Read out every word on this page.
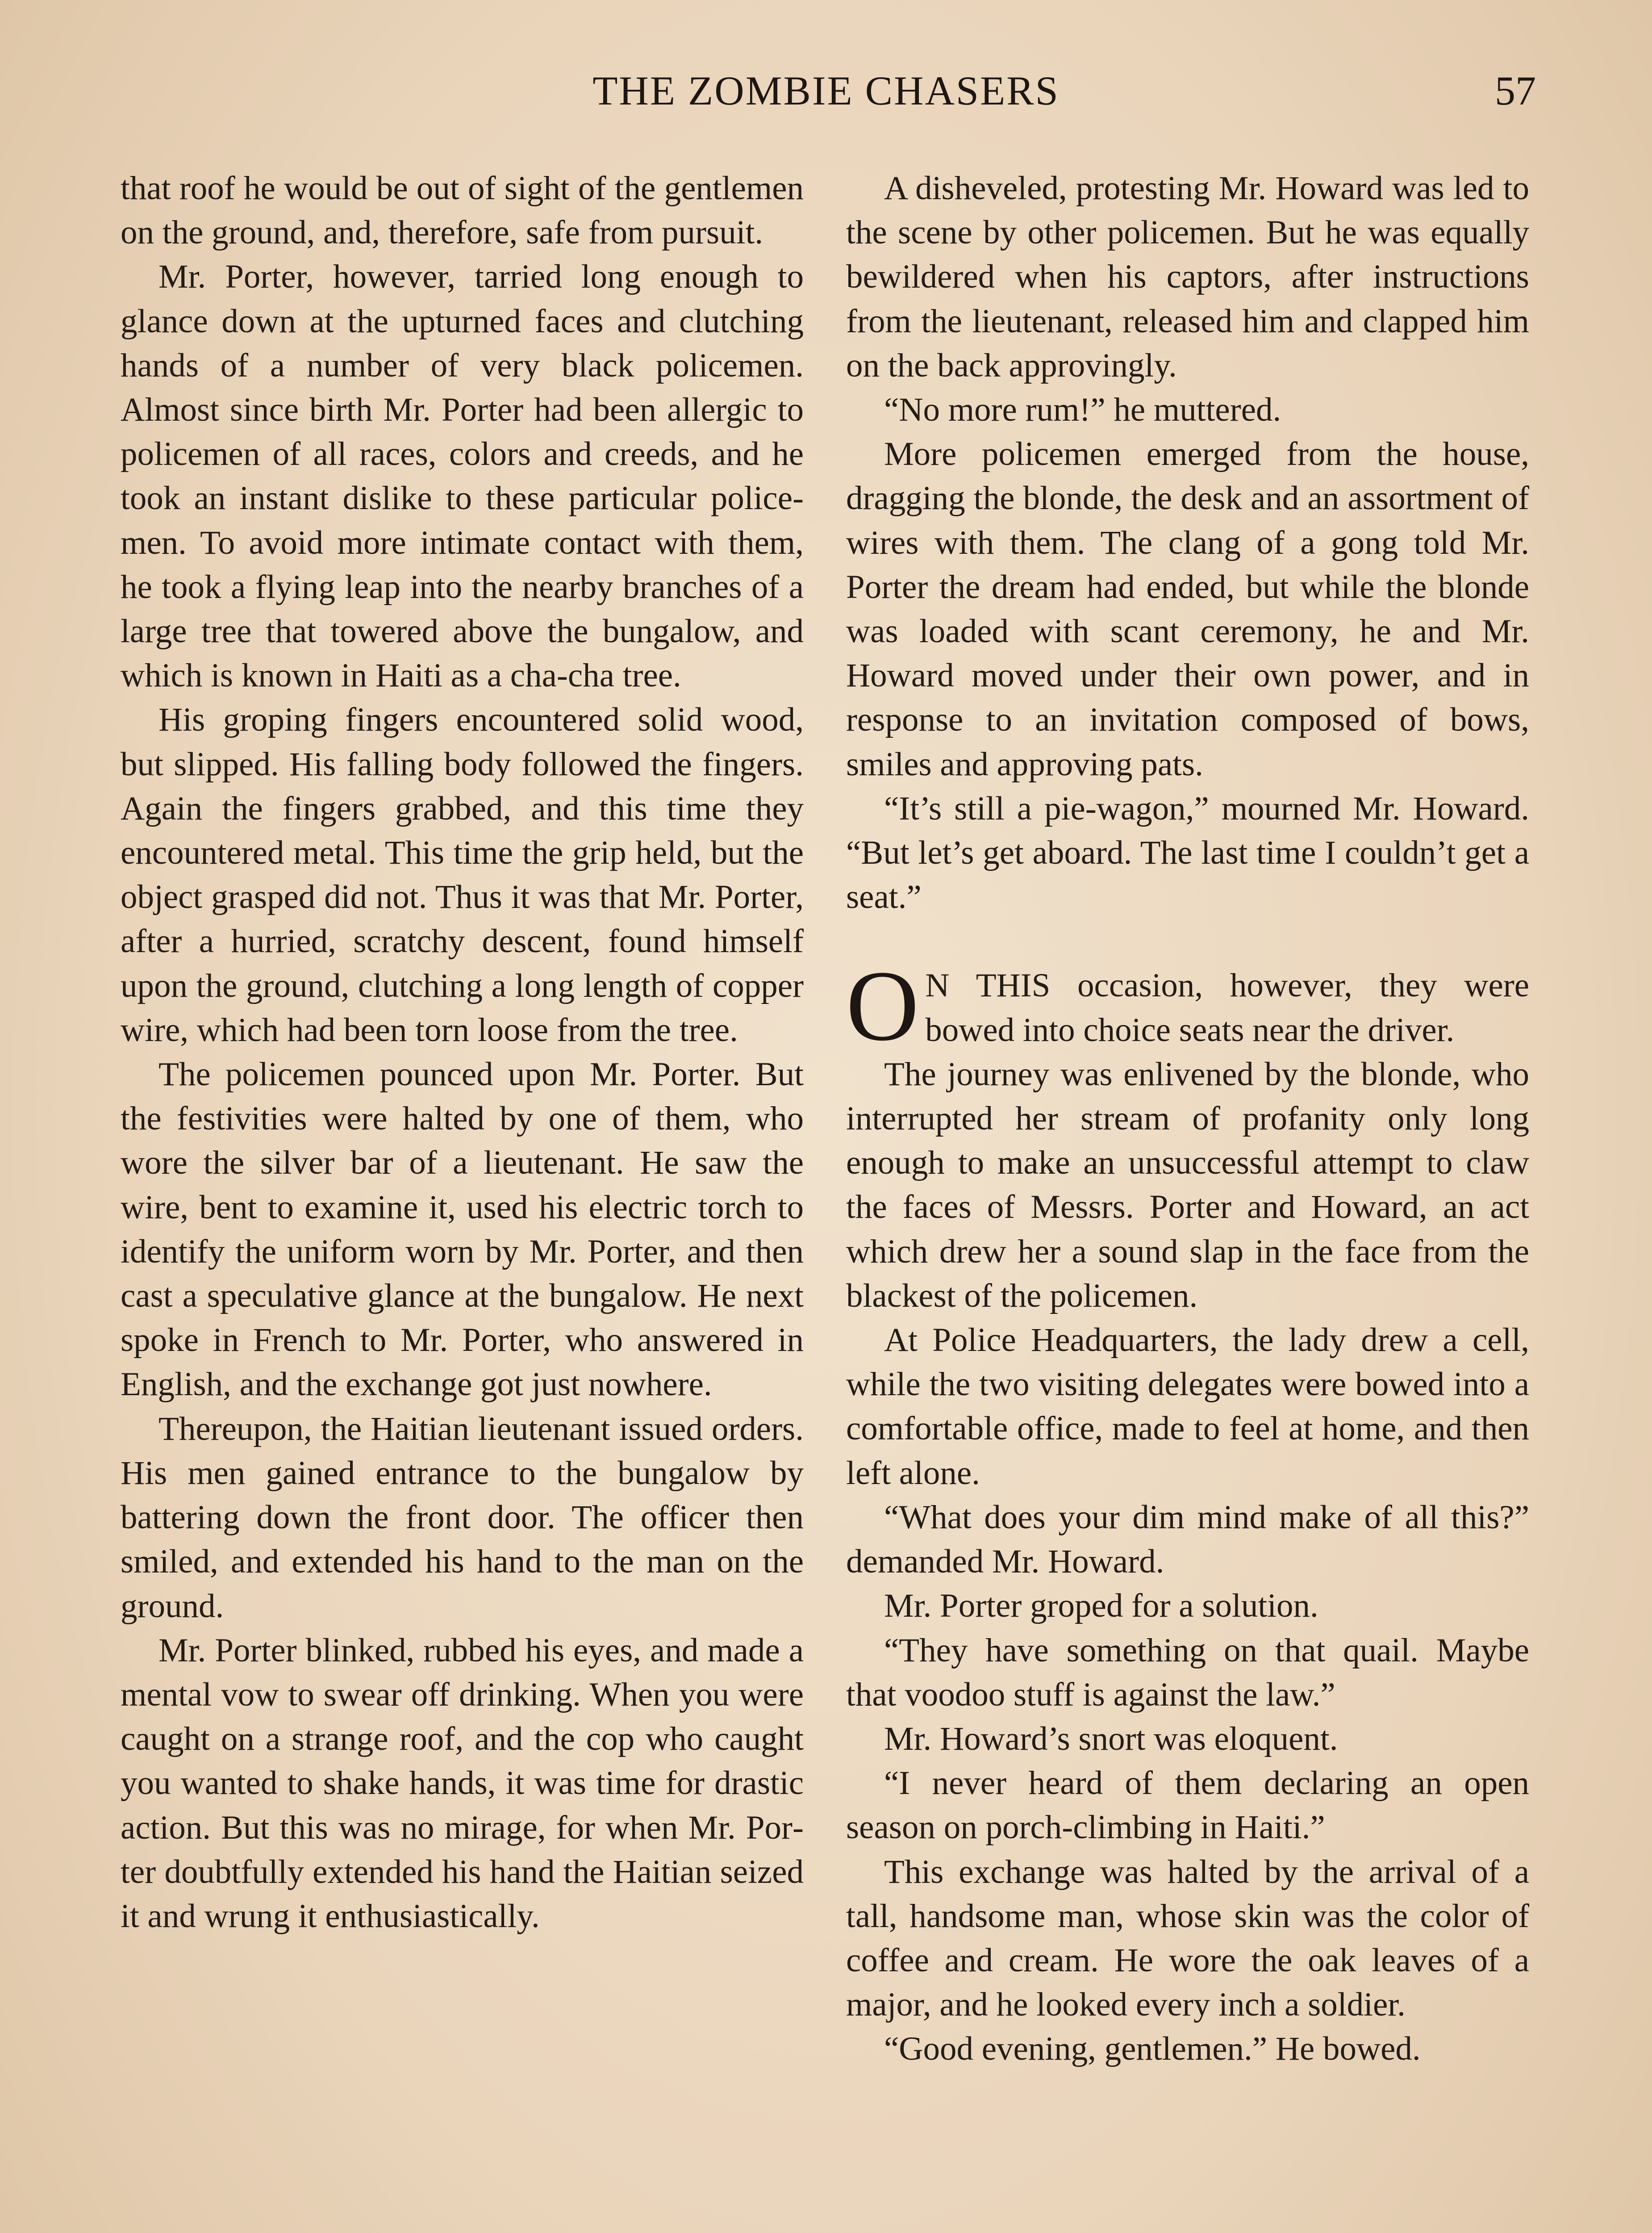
THE ZOMBIE CHASERS	57

that roof he would be out of sight of the gentlemen on the ground, and, therefore, safe from pursuit.

Mr. Porter, however, tarried long enough to glance down at the upturned faces and clutching hands of a number of very black policemen. Almost since birth Mr. Porter had been allergic to policemen of all races, colors and creeds, and he took an instant dislike to these particular policemen. To avoid more intimate contact with them, he took a flying leap into the nearby branches of a large tree that towered above the bungalow, and which is known in Haiti as a cha-cha tree.

His groping fingers encountered solid wood, but slipped. His falling body followed the fingers. Again the fingers grabbed, and this time they encountered metal. This time the grip held, but the object grasped did not. Thus it was that Mr. Porter, after a hurried, scratchy descent, found himself upon the ground, clutching a long length of copper wire, which had been torn loose from the tree.

The policemen pounced upon Mr. Porter. But the festivities were halted by one of them, who wore the silver bar of a lieutenant. He saw the wire, bent to examine it, used his electric torch to identify the uniform worn by Mr. Porter, and then cast a speculative glance at the bungalow. He next spoke in French to Mr. Porter, who answered in English, and the exchange got just nowhere.

Thereupon, the Haitian lieutenant issued orders. His men gained entrance to the bungalow by battering down the front door. The officer then smiled, and extended his hand to the man on the ground.

Mr. Porter blinked, rubbed his eyes, and made a mental vow to swear off drinking. When you were caught on a strange roof, and the cop who caught you wanted to shake hands, it was time for drastic action. But this was no mirage, for when Mr. Porter doubtfully extended his hand the Haitian seized it and wrung it enthusiastically.

A disheveled, protesting Mr. Howard was led to the scene by other policemen. But he was equally bewildered when his captors, after instructions from the lieutenant, released him and clapped him on the back approvingly.

“No more rum!” he muttered.

More policemen emerged from the house, dragging the blonde, the desk and an assortment of wires with them. The clang of a gong told Mr. Porter the dream had ended, but while the blonde was loaded with scant ceremony, he and Mr. Howard moved under their own power, and in response to an invitation composed of bows, smiles and approving pats.

“It’s still a pie-wagon,” mourned Mr. Howard. “But let’s get aboard. The last time I couldn’t get a seat.”

O N THIS occasion, however, they were bowed into choice seats near the driver.

The journey was enlivened by the blonde, who interrupted her stream of profanity only long enough to make an unsuccessful attempt to claw the faces of Messrs. Porter and Howard, an act which drew her a sound slap in the face from the blackest of the policemen.

At Police Headquarters, the lady drew a cell, while the two visiting delegates were bowed into a comfortable office, made to feel at home, and then left alone.

“What does your dim mind make of all this?” demanded Mr. Howard.

Mr. Porter groped for a solution.

“They have something on that quail. Maybe that voodoo stuff is against the law.”

Mr. Howard’s snort was eloquent.

“I never heard of them declaring an open season on porch-climbing in Haiti.”

This exchange was halted by the arrival of a tall, handsome man, whose skin was the color of coffee and cream. He wore the oak leaves of a major, and he looked every inch a soldier.

“Good evening, gentlemen.” He bowed.
